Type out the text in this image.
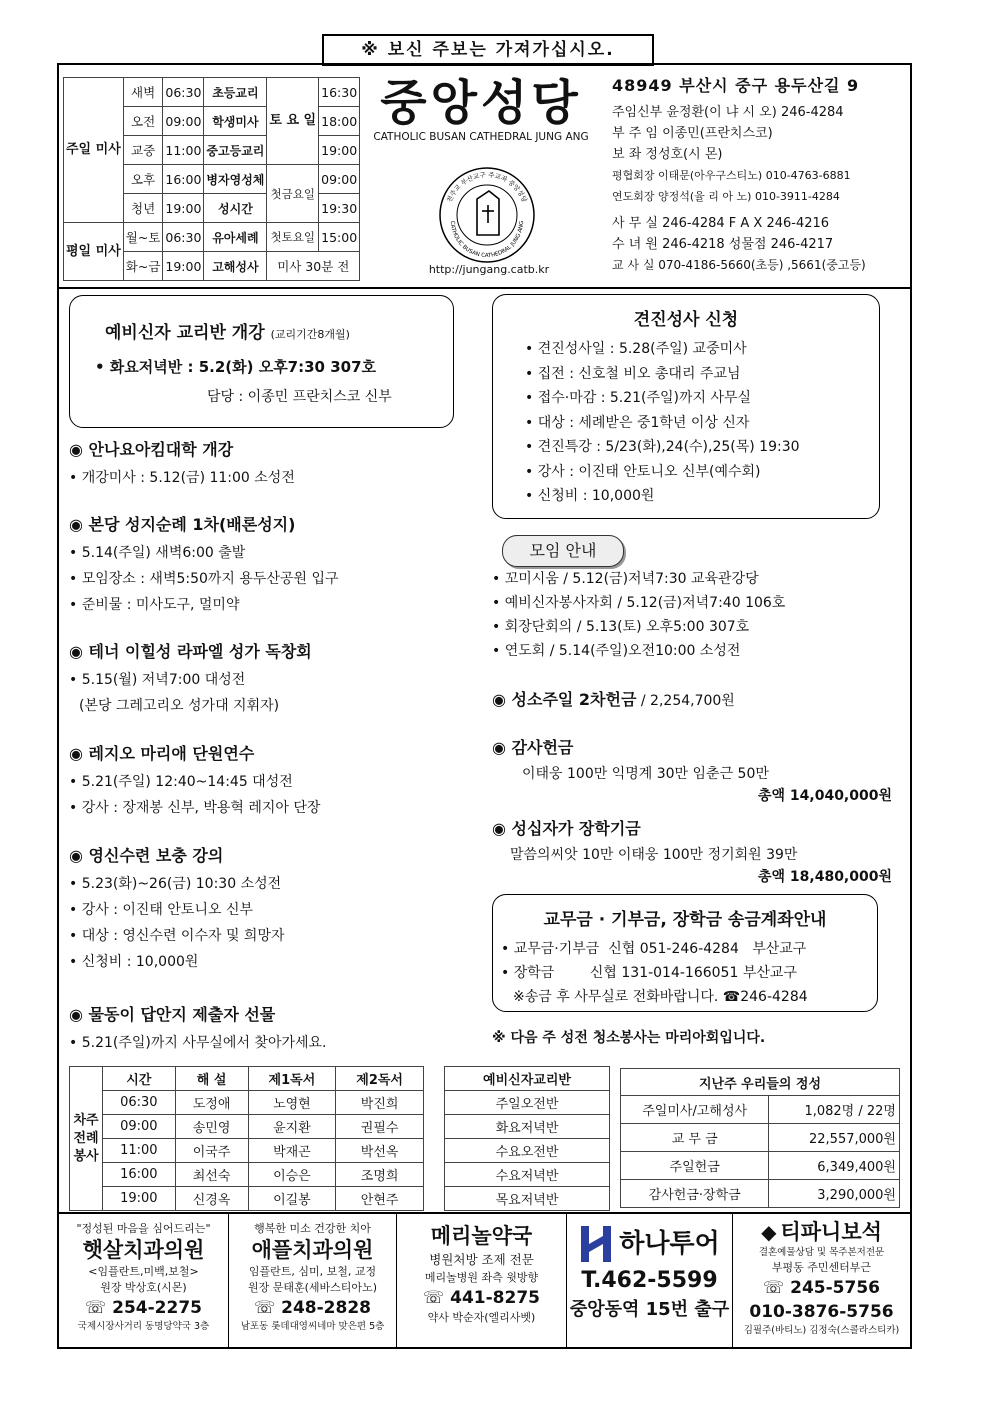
※ 보신 주보는 가져가십시오.
주일 미사	새벽	06:30	초등교리	토 요 일	16:30
	오전	09:00	학생미사		18:00
	교중	11:00	중고등교리		19:00
	오후	16:00	병자영성체	첫금요일	09:00
	청년	19:00	성시간		19:30
평일 미사	월~토	06:30	유아세례	첫토요일	15:00
	화~금	19:00	고해성사	미사 30분 전	
중앙성당
CATHOLIC BUSAN CATHEDRAL JUNG ANG
천주교 부산교구 주교좌 중앙성당
CATHOLIC BUSAN CATHEDRAL JUNG ANG
http://jungang.catb.kr
48949 부산시 중구 용두산길 9
주임신부 윤정환(이 냐 시 오) 246-4284
부 주 임 이종민(프란치스코)
보 좌 정성호(시 몬)
평협회장 이태문(아우구스티노) 010-4763-6881
연도회장 양정석(율 리 아 노) 010-3911-4284
사 무 실 246-4284 F A X 246-4216
수 녀 원 246-4218 성물점 246-4217
교 사 실 070-4186-5660(초등) ,5661(중고등)
예비신자 교리반 개강 (교리기간8개월)
• 화요저녁반 : 5.2(화) 오후7:30 307호
담당 : 이종민 프란치스코 신부
◉ 안나요아킴대학 개강
• 개강미사 : 5.12(금) 11:00 소성전
◉ 본당 성지순례 1차(배론성지)
• 5.14(주일) 새벽6:00 출발
• 모임장소 : 새벽5:50까지 용두산공원 입구
• 준비물 : 미사도구, 멀미약
◉ 테너 이힐성 라파엘 성가 독창회
• 5.15(월) 저녁7:00 대성전
(본당 그레고리오 성가대 지휘자)
◉ 레지오 마리애 단원연수
• 5.21(주일) 12:40~14:45 대성전
• 강사 : 장재봉 신부, 박용혁 레지아 단장
◉ 영신수련 보충 강의
• 5.23(화)~26(금) 10:30 소성전
• 강사 : 이진태 안토니오 신부
• 대상 : 영신수련 이수자 및 희망자
• 신청비 : 10,000원
◉ 물동이 답안지 제출자 선물
• 5.21(주일)까지 사무실에서 찾아가세요.
견진성사 신청
• 견진성사일 : 5.28(주일) 교중미사
• 집전 : 신호철 비오 총대리 주교님
• 접수·마감 : 5.21(주일)까지 사무실
• 대상 : 세례받은 중1학년 이상 신자
• 견진특강 : 5/23(화),24(수),25(목) 19:30
• 강사 : 이진태 안토니오 신부(예수회)
• 신청비 : 10,000원
모임 안내
• 꼬미시움 / 5.12(금)저녁7:30 교육관강당
• 예비신자봉사자회 / 5.12(금)저녁7:40 106호
• 회장단회의 / 5.13(토) 오후5:00 307호
• 연도회 / 5.14(주일)오전10:00 소성전
◉ 성소주일 2차헌금 / 2,254,700원
◉ 감사헌금
이태웅 100만 익명계 30만 임춘근 50만
총액 14,040,000원
◉ 성십자가 장학기금
말씀의씨앗 10만 이태웅 100만 정기회원 39만
총액 18,480,000원
교무금 · 기부금, 장학금 송금계좌안내
• 교무금·기부금  신협 051-246-4284   부산교구
• 장학금        신협 131-014-166051 부산교구
※송금 후 사무실로 전화바랍니다. ☎246-4284
※ 다음 주 성전 청소봉사는 마리아회입니다.
차주 전례 봉사	시간	해 설	제1독서	제2독서
	06:30	도정애	노영현	박진희
	09:00	송민영	윤지환	권필수
	11:00	이국주	박재곤	박선옥
	16:00	최선숙	이승은	조명희
	19:00	신경옥	이길봉	안현주
예비신자교리반
주일오전반
화요저녁반
수요오전반
수요저녁반
목요저녁반
지난주 우리들의 정성	
주일미사/고해성사	1,082명 / 22명
교 무 금	22,557,000원
주일헌금	6,349,400원
감사헌금·장학금	3,290,000원
"정성된 마음을 심어드리는"
햇살치과의원
<임플란트,미백,보철>
원장 박상호(시몬)
☏ 254-2275
국제시장사거리 동명당약국 3층
행복한 미소 건강한 치아
애플치과의원
임플란트, 심미, 보철, 교정
원장 문태훈(세바스티아노)
☏ 248-2828
남포동 롯데대영씨네마 맞은편 5층
메리놀약국
병원처방 조제 전문
메리놀병원 좌측 윗방향
☏ 441-8275
약사 박순자(엘리사벳)
하나투어
T.462-5599
중앙동역 15번 출구
◆ 티파니보석
결혼예물상담 및 목주본저전문
부평동 주민센터부근
☏ 245-5756
010-3876-5756
김필주(바티노) 김정숙(스콜라스티카)
